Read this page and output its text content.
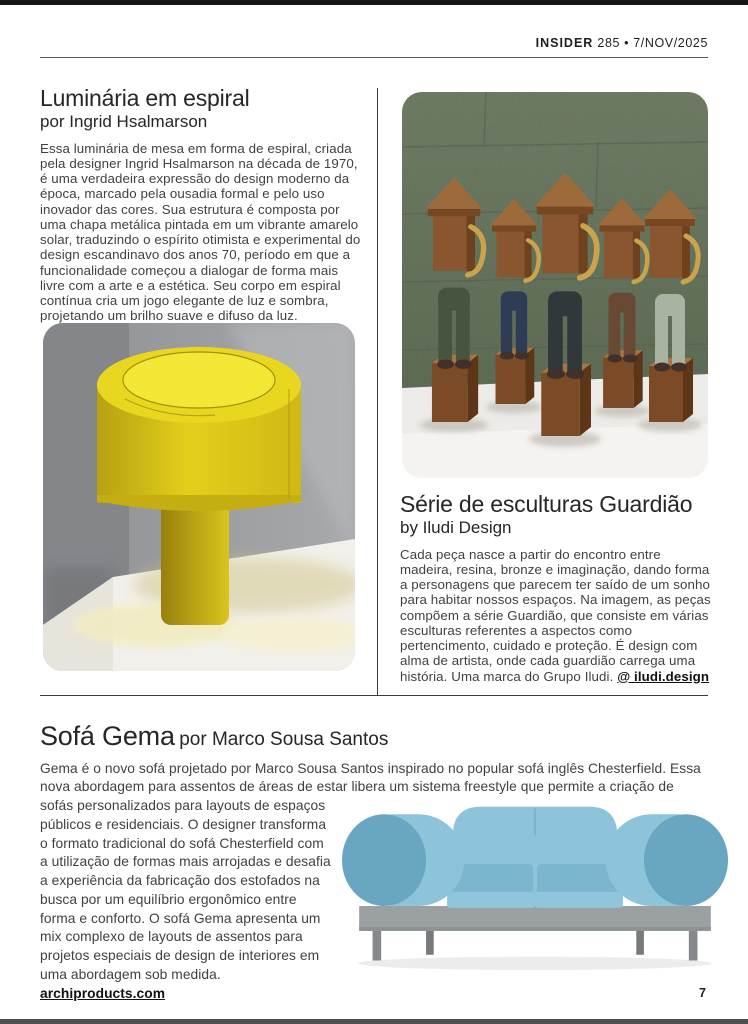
INSIDER 285 • 7/NOV/2025
Luminária em espiral
por Ingrid Hsalmarson

Essa luminária de mesa em forma de espiral, criada pela designer Ingrid Hsalmarson na década de 1970, é uma verdadeira expressão do design moderno da época, marcado pela ousadia formal e pelo uso inovador das cores. Sua estrutura é composta por uma chapa metálica pintada em um vibrante amarelo solar, traduzindo o espírito otimista e experimental do design escandinavo dos anos 70, período em que a funcionalidade começou a dialogar de forma mais livre com a arte e a estética. Seu corpo em espiral contínua cria um jogo elegante de luz e sombra, projetando um brilho suave e difuso da luz.

Série de esculturas Guardião
by Iludi Design

Cada peça nasce a partir do encontro entre madeira, resina, bronze e imaginação, dando forma a personagens que parecem ter saído de um sonho para habitar nossos espaços. Na imagem, as peças compõem a série Guardião, que consiste em várias esculturas referentes a aspectos como pertencimento, cuidado e proteção. É design com alma de artista, onde cada guardião carrega uma história. Uma marca do Grupo Iludi. @ iludi.design

Sofá Gema por Marco Sousa Santos

Gema é o novo sofá projetado por Marco Sousa Santos inspirado no popular sofá inglês Chesterfield. Essa nova abordagem para assentos de áreas de estar libera um sistema freestyle que permite a criação de sofás personalizados para layouts de espaços públicos e residenciais. O designer transforma o formato tradicional do sofá Chesterfield com a utilização de formas mais arrojadas e desafia a experiência da fabricação dos estofados na busca por um equilíbrio ergonômico entre forma e conforto. O sofá Gema apresenta um mix complexo de layouts de assentos para projetos especiais de design de interiores em uma abordagem sob medida. archiproducts.com	7
